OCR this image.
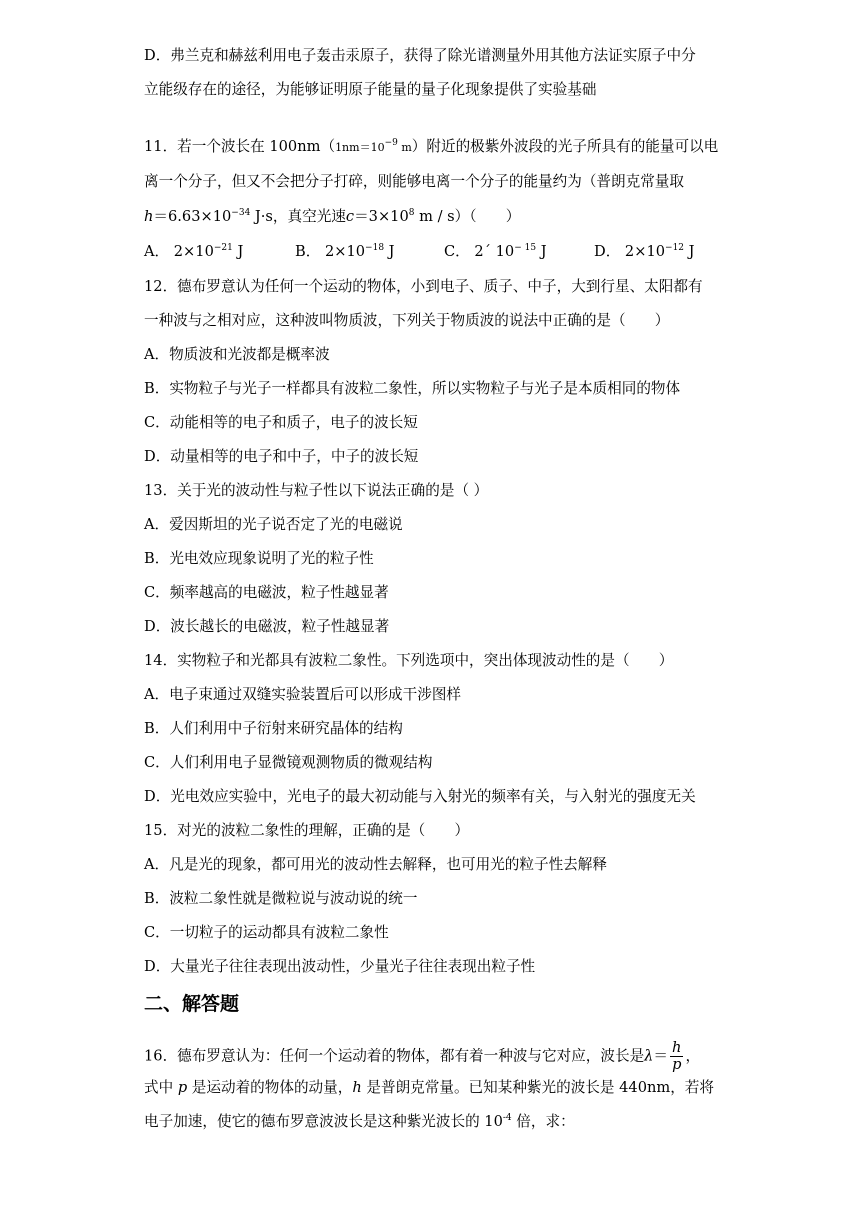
D．弗兰克和赫兹利用电子轰击汞原子，获得了除光谱测量外用其他方法证实原子中分
立能级存在的途径，为能够证明原子能量的量子化现象提供了实验基础
11．若一个波长在 $100nm(1nm=10^{-9}$ m）附近的极紫外波段的光子所具有的能量可以电
离一个分子，但又不会把分子打碎，则能够电离一个分子的能量约为（普朗克常量取
$h=6.63\times 10^{-34}$ J·s，真空光速$c=3\times 10^8$ m / s）（　　）
A． $2\times 10^{-21}$ J	B． $2\times 10^{-18}$ J	C． 2´ $10^{- 15}$ J	D． $2\times 10^{-12}$ J
12．德布罗意认为任何一个运动的物体，小到电子、质子、中子，大到行星、太阳都有
一种波与之相对应，这种波叫物质波，下列关于物质波的说法中正确的是（　　）
A．物质波和光波都是概率波
B．实物粒子与光子一样都具有波粒二象性，所以实物粒子与光子是本质相同的物体
C．动能相等的电子和质子，电子的波长短
D．动量相等的电子和中子，中子的波长短
13．关于光的波动性与粒子性以下说法正确的是（ ）
A．爱因斯坦的光子说否定了光的电磁说
B．光电效应现象说明了光的粒子性
C．频率越高的电磁波，粒子性越显著
D．波长越长的电磁波，粒子性越显著
14．实物粒子和光都具有波粒二象性。下列选项中，突出体现波动性的是（　　）
A．电子束通过双缝实验装置后可以形成干涉图样
B．人们利用中子衍射来研究晶体的结构
C．人们利用电子显微镜观测物质的微观结构
D．光电效应实验中，光电子的最大初动能与入射光的频率有关，与入射光的强度无关
15．对光的波粒二象性的理解，正确的是（　　）
A．凡是光的现象，都可用光的波动性去解释，也可用光的粒子性去解释
B．波粒二象性就是微粒说与波动说的统一
C．一切粒子的运动都具有波粒二象性
D．大量光子往往表现出波动性，少量光子往往表现出粒子性
二、解答题
16．德布罗意认为：任何一个运动着的物体，都有着一种波与它对应，波长是$\lambda= \frac{h}{p}$ ，
式中 p 是运动着的物体的动量，h 是普朗克常量。已知某种紫光的波长是 440nm，若将
电子加速，使它的德布罗意波波长是这种紫光波长的 $10^{-4}$ 倍，求：
